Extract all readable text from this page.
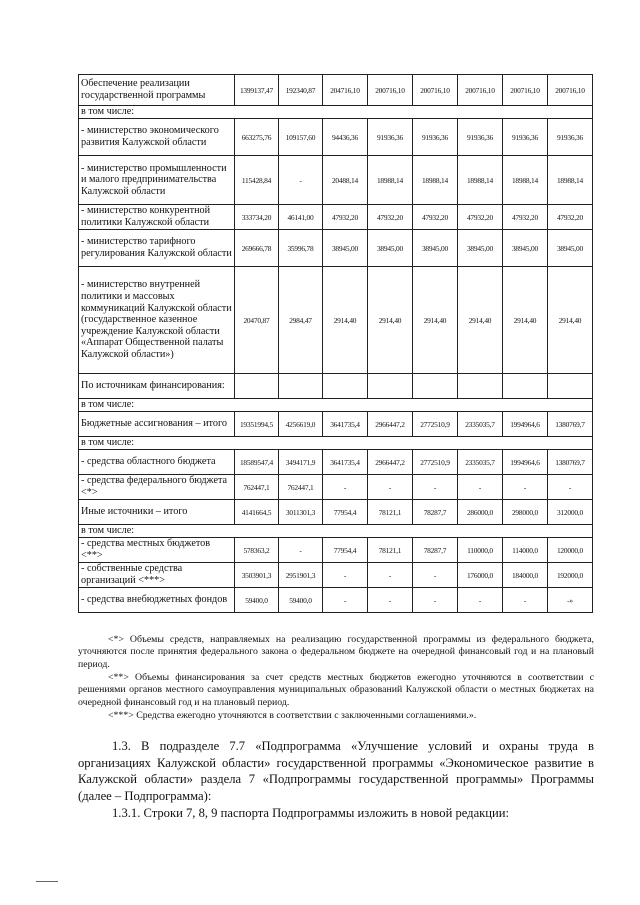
Обеспечение реализации государственной программы	1399137,47	192340,87	204716,10	200716,10	200716,10	200716,10	200716,10	200716,10
в том числе:								
- министерство экономического развития Калужской области	663275,76	109157,60	94436,36	91936,36	91936,36	91936,36	91936,36	91936,36
- министерство промышленности и малого предпринимательства Калужской области	115428,84	-	20488,14	18988,14	18988,14	18988,14	18988,14	18988,14
- министерство конкурентной политики Калужской области	333734,20	46141,00	47932,20	47932,20	47932,20	47932,20	47932,20	47932,20
- министерство тарифного регулирования Калужской области	269666,78	35996,78	38945,00	38945,00	38945,00	38945,00	38945,00	38945,00
- министерство внутренней политики и массовых коммуникаций Калужской области (государственное казенное учреждение Калужской области «Аппарат Общественной палаты Калужской области»)	20470,87	2984,47	2914,40	2914,40	2914,40	2914,40	2914,40	2914,40
По источникам финансирования:								
в том числе:								
Бюджетные ассигнования – итого	19351994,5	4256619,0	3641735,4	2966447,2	2772510,9	2335035,7	1994964,6	1380769,7
в том числе:								
- средства областного бюджета	18589547,4	3494171,9	3641735,4	2966447,2	2772510,9	2335035,7	1994964,6	1380769,7
- средства федерального бюджета <*>	762447,1	762447,1	-	-	-	-	-	-
Иные источники – итого	4141664,5	3011301,3	77954,4	78121,1	78287,7	286000,0	298000,0	312000,0
в том числе:								
- средства местных бюджетов <**>	578363,2	-	77954,4	78121,1	78287,7	110000,0	114000,0	120000,0
- собственные средства организаций <***>	3503901,3	2951901,3	-	-	-	176000,0	184000,0	192000,0
- средства внебюджетных фондов	59400,0	59400,0	-	-	-	-	-	-»
<*> Объемы средств, направляемых на реализацию государственной программы из федерального бюджета, уточняются после принятия федерального закона о федеральном бюджете на очередной финансовый год и на плановый период.
<**> Объемы финансирования за счет средств местных бюджетов ежегодно уточняются в соответствии с решениями органов местного самоуправления муниципальных образований Калужской области о местных бюджетах на очередной финансовый год и на плановый период.
<***> Средства ежегодно уточняются в соответствии с заключенными соглашениями.».
1.3. В подразделе 7.7 «Подпрограмма «Улучшение условий и охраны труда в организациях Калужской области» государственной программы «Экономическое развитие в Калужской области» раздела 7 «Подпрограммы государственной программы» Программы (далее – Подпрограмма):
1.3.1. Строки 7, 8, 9 паспорта Подпрограммы изложить в новой редакции:
